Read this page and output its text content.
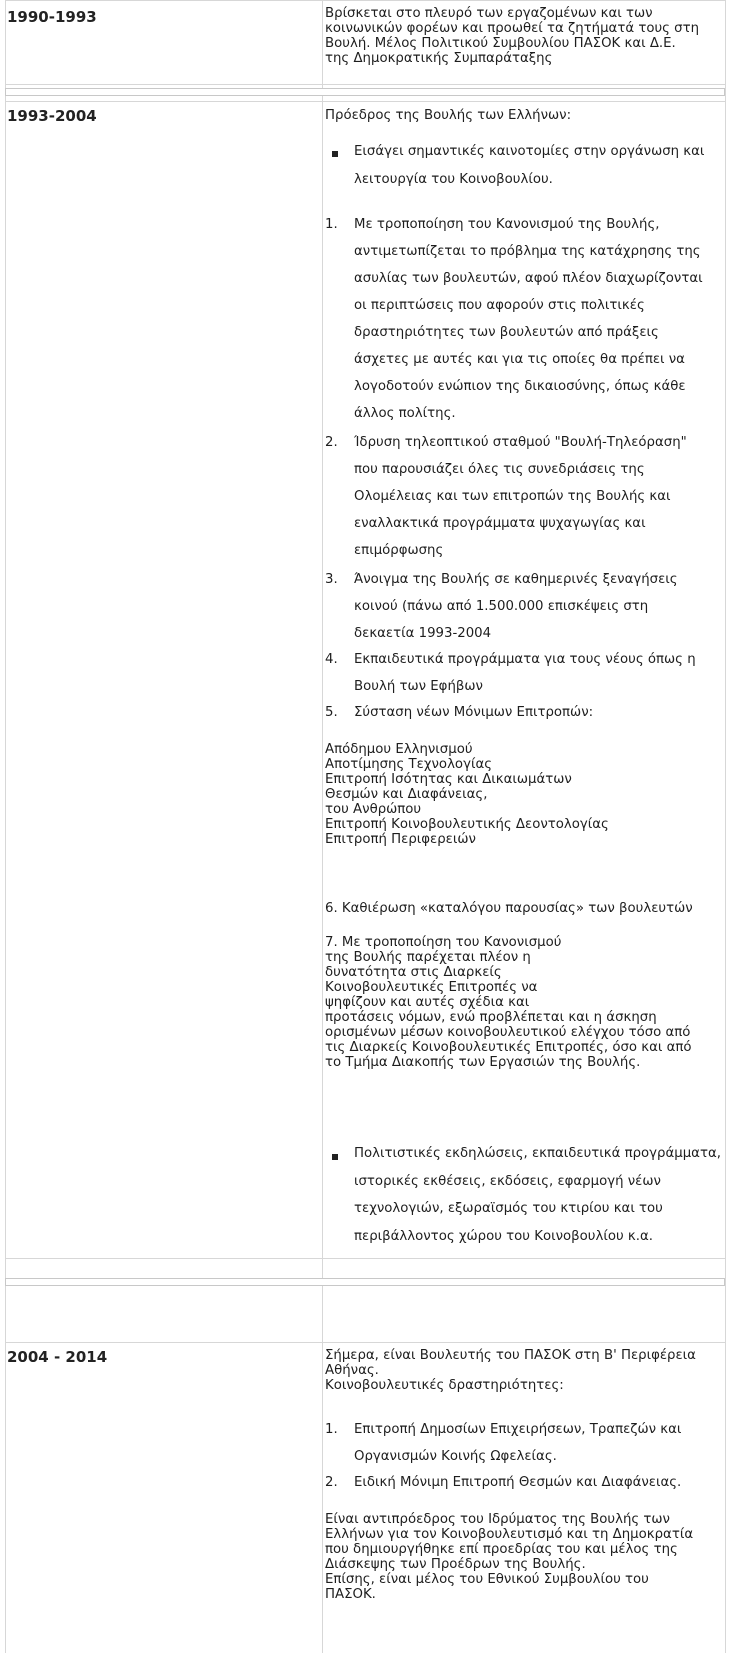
1990-1993	Βρίσκεται στο πλευρό των εργαζομένων και των
κοινωνικών φορέων και προωθεί τα ζητήματά τους στη
Βουλή. Μέλος Πολιτικού Συμβουλίου ΠΑΣΟΚ και Δ.Ε.
της Δημοκρατικής Συμπαράταξης
1993-2004	Πρόεδρος της Βουλής των Ελλήνων:
Εισάγει σημαντικές καινοτομίες στην οργάνωση και
λειτουργία του Κοινοβουλίου.
1. Με τροποποίηση του Κανονισμού της Βουλής,
αντιμετωπίζεται το πρόβλημα της κατάχρησης της
ασυλίας των βουλευτών, αφού πλέον διαχωρίζονται
οι περιπτώσεις που αφορούν στις πολιτικές
δραστηριότητες των βουλευτών από πράξεις
άσχετες με αυτές και για τις οποίες θα πρέπει να
λογοδοτούν ενώπιον της δικαιοσύνης, όπως κάθε
άλλος πολίτης.
2. Ίδρυση τηλεοπτικού σταθμού "Βουλή-Τηλεόραση"
που παρουσιάζει όλες τις συνεδριάσεις της
Ολομέλειας και των επιτροπών της Βουλής και
εναλλακτικά προγράμματα ψυχαγωγίας και
επιμόρφωσης
3. Άνοιγμα της Βουλής σε καθημερινές ξεναγήσεις
κοινού (πάνω από 1.500.000 επισκέψεις στη
δεκαετία 1993-2004
4. Εκπαιδευτικά προγράμματα για τους νέους όπως η
Βουλή των Εφήβων
5. Σύσταση νέων Μόνιμων Επιτροπών:
Απόδημου Ελληνισμού
Αποτίμησης Τεχνολογίας
Επιτροπή Ισότητας και Δικαιωμάτων
Θεσμών και Διαφάνειας,
του Ανθρώπου
Επιτροπή Κοινοβουλευτικής Δεοντολογίας
Επιτροπή Περιφερειών
6. Καθιέρωση «καταλόγου παρουσίας» των βουλευτών
7. Με τροποποίηση του Κανονισμού
της Βουλής παρέχεται πλέον η
δυνατότητα στις Διαρκείς
Κοινοβουλευτικές Επιτροπές να
ψηφίζουν και αυτές σχέδια και
προτάσεις νόμων, ενώ προβλέπεται και η άσκηση
ορισμένων μέσων κοινοβουλευτικού ελέγχου τόσο από
τις Διαρκείς Κοινοβουλευτικές Επιτροπές, όσο και από
το Τμήμα Διακοπής των Εργασιών της Βουλής.
Πολιτιστικές εκδηλώσεις, εκπαιδευτικά προγράμματα,
ιστορικές εκθέσεις, εκδόσεις, εφαρμογή νέων
τεχνολογιών, εξωραϊσμός του κτιρίου και του
περιβάλλοντος χώρου του Κοινοβουλίου κ.α.
2004 - 2014	Σήμερα, είναι Βουλευτής του ΠΑΣΟΚ στη Β' Περιφέρεια
Αθήνας.
Κοινοβουλευτικές δραστηριότητες:
1. Επιτροπή Δημοσίων Επιχειρήσεων, Τραπεζών και
Οργανισμών Κοινής Ωφελείας.
2. Ειδική Μόνιμη Επιτροπή Θεσμών και Διαφάνειας.
Είναι αντιπρόεδρος του Ιδρύματος της Βουλής των
Ελλήνων για τον Κοινοβουλευτισμό και τη Δημοκρατία
που δημιουργήθηκε επί προεδρίας του και μέλος της
Διάσκεψης των Προέδρων της Βουλής.
Επίσης, είναι μέλος του Εθνικού Συμβουλίου του
ΠΑΣΟΚ.
